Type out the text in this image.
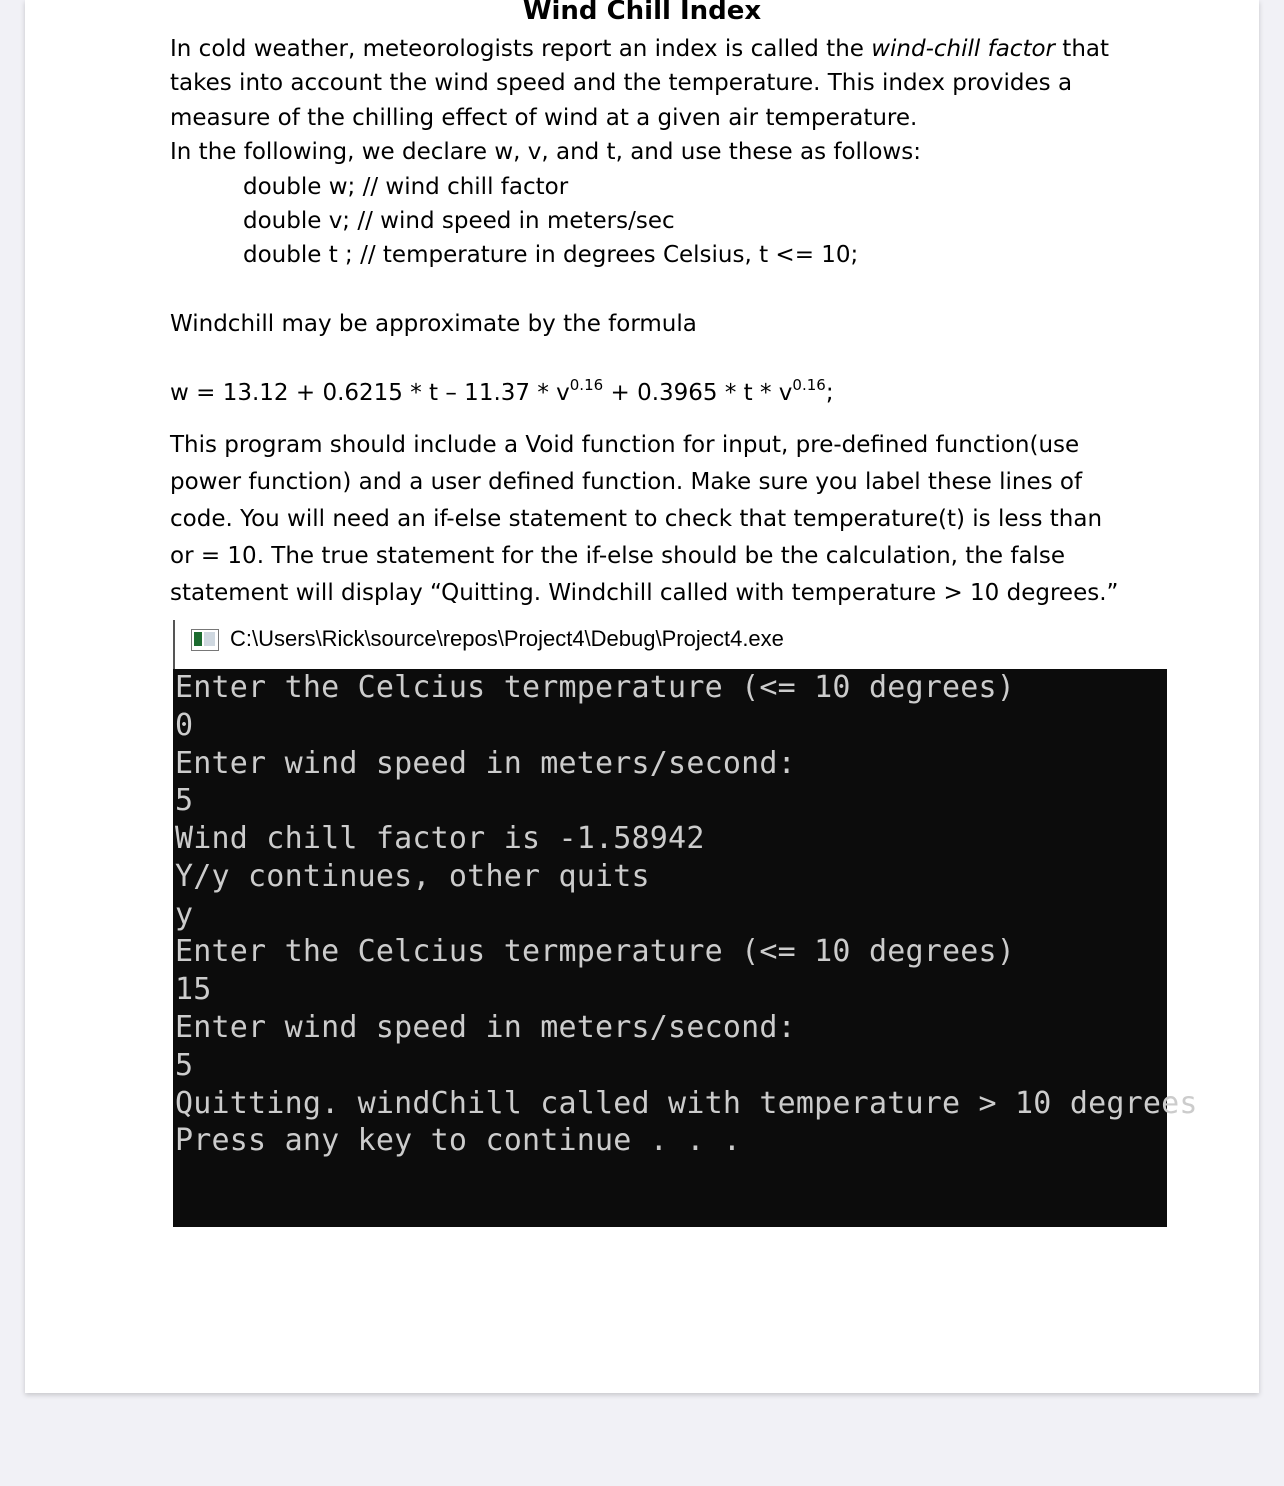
Wind Chill Index
In cold weather, meteorologists report an index is called the wind-chill factor that
takes into account the wind speed and the temperature. This index provides a
measure of the chilling effect of wind at a given air temperature.
In the following, we declare w, v, and t, and use these as follows:
double w; // wind chill factor
double v; // wind speed in meters/sec
double t ; // temperature in degrees Celsius, t <= 10;
Windchill may be approximate by the formula
$w = 13.12 + 0.6215 * t - 11.37 * v^{0.16} + 0.3965 * t * v^{0.16}$;
This program should include a Void function for input, pre-defined function(use
power function) and a user defined function. Make sure you label these lines of
code. You will need an if-else statement to check that temperature(t) is less than
or = 10. The true statement for the if-else should be the calculation, the false
statement will display “Quitting. Windchill called with temperature > 10 degrees.”
C:\Users\Rick\source\repos\Project4\Debug\Project4.exe
Enter the Celcius termperature (<= 10 degrees)
0
Enter wind speed in meters/second:
5
Wind chill factor is -1.58942
Y/y continues, other quits
y
Enter the Celcius termperature (<= 10 degrees)
15
Enter wind speed in meters/second:
5
Quitting. windChill called with temperature > 10 degrees
Press any key to continue . . .
